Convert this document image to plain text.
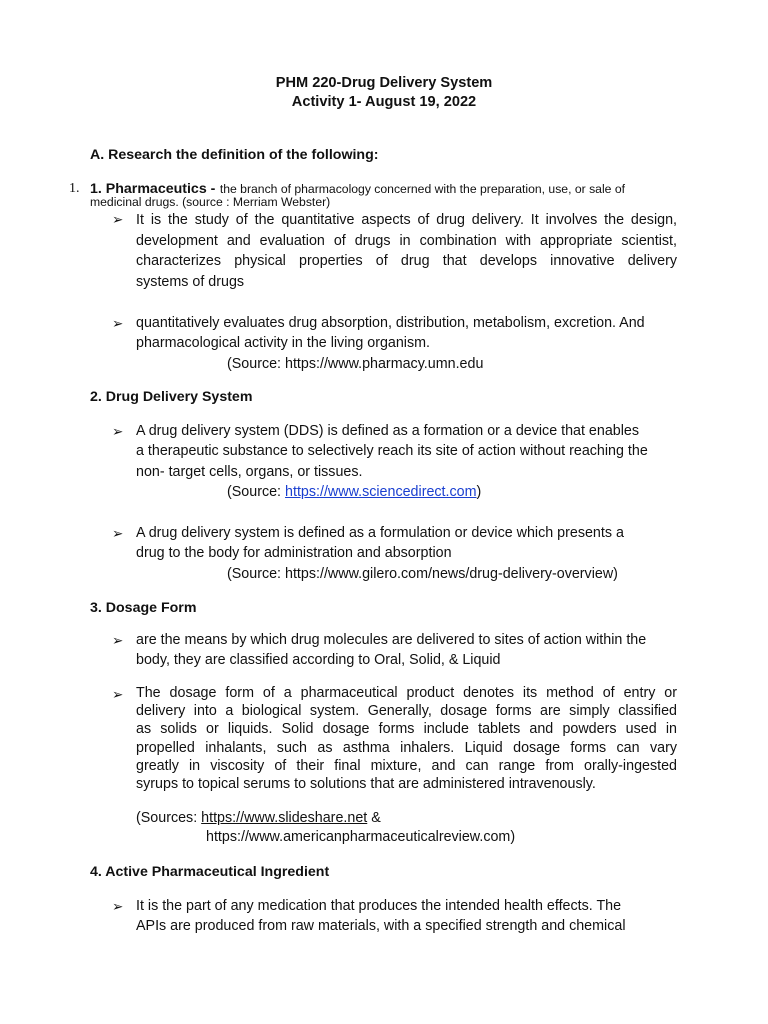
PHM 220-Drug Delivery System
Activity 1- August 19, 2022
A. Research the definition of the following:
1. 1. Pharmaceutics - the branch of pharmacology concerned with the preparation, use, or sale of
medicinal drugs. (source : Merriam Webster)
➢ It is the study of the quantitative aspects of drug delivery. It involves the design,
development and evaluation of drugs in combination with appropriate scientist,
characterizes physical properties of drug that develops innovative delivery
systems of drugs
➢ quantitatively evaluates drug absorption, distribution, metabolism, excretion. And
pharmacological activity in the living organism.
(Source: https://www.pharmacy.umn.edu
2. Drug Delivery System
➢ A drug delivery system (DDS) is defined as a formation or a device that enables
a therapeutic substance to selectively reach its site of action without reaching the
non- target cells, organs, or tissues.
(Source: https://www.sciencedirect.com)
➢ A drug delivery system is defined as a formulation or device which presents a
drug to the body for administration and absorption
(Source: https://www.gilero.com/news/drug-delivery-overview)
3. Dosage Form
➢ are the means by which drug molecules are delivered to sites of action within the
body, they are classified according to Oral, Solid, & Liquid
➢ The dosage form of a pharmaceutical product denotes its method of entry or
delivery into a biological system. Generally, dosage forms are simply classified
as solids or liquids. Solid dosage forms include tablets and powders used in
propelled inhalants, such as asthma inhalers. Liquid dosage forms can vary
greatly in viscosity of their final mixture, and can range from orally-ingested
syrups to topical serums to solutions that are administered intravenously.
(Sources: https://www.slideshare.net &
https://www.americanpharmaceuticalreview.com)
4. Active Pharmaceutical Ingredient
➢ It is the part of any medication that produces the intended health effects. The
APIs are produced from raw materials, with a specified strength and chemical
